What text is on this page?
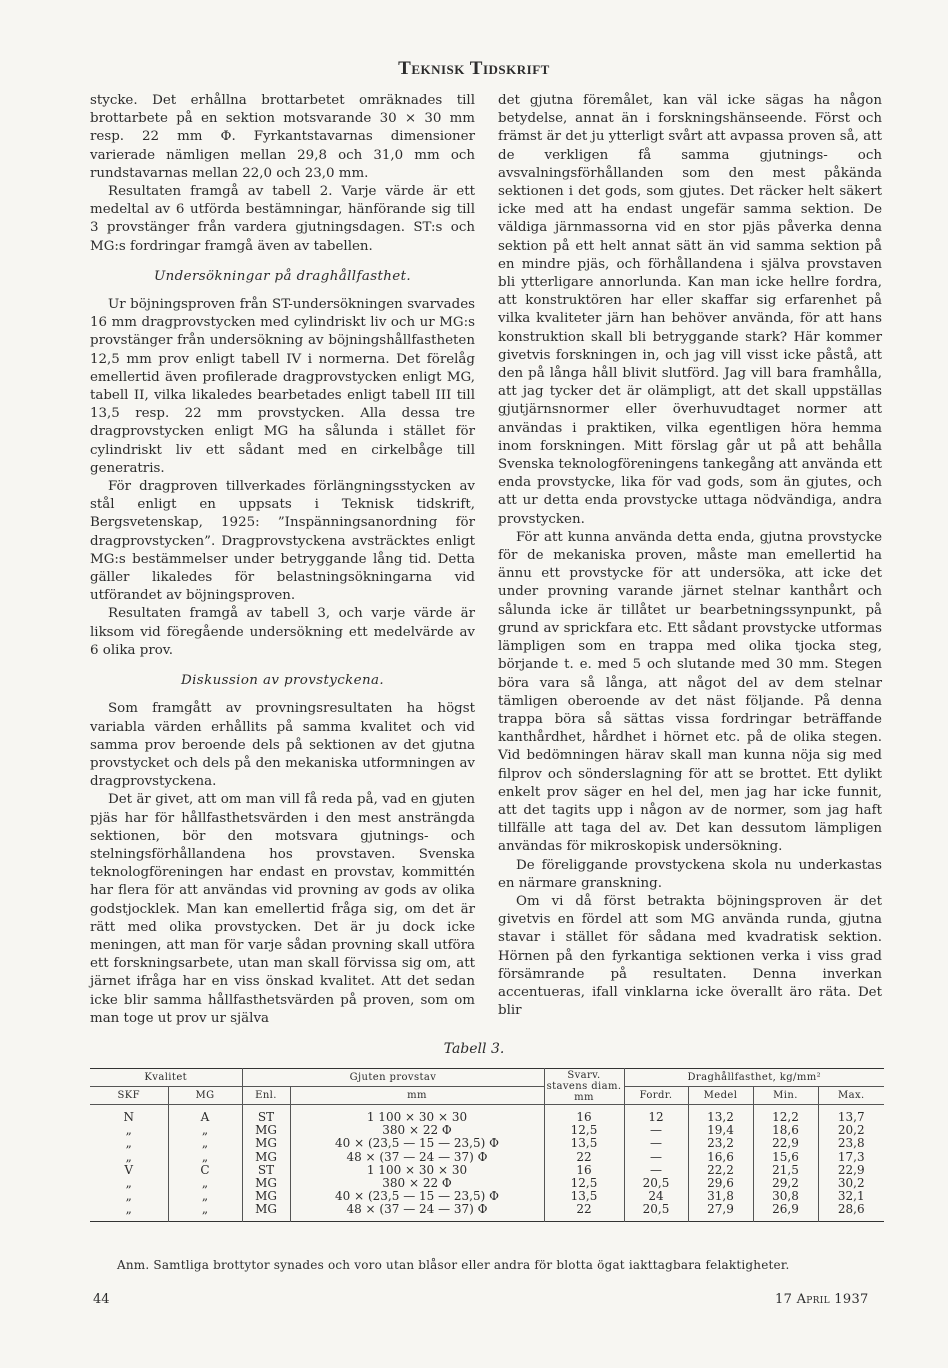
Teknisk Tidskrift

stycke. Det erhållna brottarbetet omräknades till brottarbete på en sektion motsvarande 30 × 30 mm resp. 22 mm Φ. Fyrkantstavarnas dimensioner varierade nämligen mellan 29,8 och 31,0 mm och rundstavarnas mellan 22,0 och 23,0 mm.

Resultaten framgå av tabell 2. Varje värde är ett medeltal av 6 utförda bestämningar, hänförande sig till 3 provstänger från vardera gjutningsdagen. ST:s och MG:s fordringar framgå även av tabellen.

Undersökningar på draghållfasthet.

Ur böjningsproven från ST-undersökningen svarvades 16 mm dragprovstycken med cylindriskt liv och ur MG:s provstänger från undersökning av böjningshållfastheten 12,5 mm prov enligt tabell IV i normerna. Det förelåg emellertid även profilerade dragprovstycken enligt MG, tabell II, vilka likaledes bearbetades enligt tabell III till 13,5 resp. 22 mm provstycken. Alla dessa tre dragprovstycken enligt MG ha sålunda i stället för cylindriskt liv ett sådant med en cirkelbåge till generatris.

För dragproven tillverkades förlängningsstycken av stål enligt en uppsats i Teknisk tidskrift, Bergsvetenskap, 1925: ”Inspänningsanordning för dragprovstycken”. Dragprovstyckena avsträcktes enligt MG:s bestämmelser under betryggande lång tid. Detta gäller likaledes för belastningsökningarna vid utförandet av böjningsproven.

Resultaten framgå av tabell 3, och varje värde är liksom vid föregående undersökning ett medelvärde av 6 olika prov.

Diskussion av provstyckena.

Som framgått av provningsresultaten ha högst variabla värden erhållits på samma kvalitet och vid samma prov beroende dels på sektionen av det gjutna provstycket och dels på den mekaniska utformningen av dragprovstyckena.

Det är givet, att om man vill få reda på, vad en gjuten pjäs har för hållfasthetsvärden i den mest ansträngda sektionen, bör den motsvara gjutnings- och stelningsförhållandena hos provstaven. Svenska teknologföreningen har endast en provstav, kommittén har flera för att användas vid provning av gods av olika godstjocklek. Man kan emellertid fråga sig, om det är rätt med olika provstycken. Det är ju dock icke meningen, att man för varje sådan provning skall utföra ett forskningsarbete, utan man skall förvissa sig om, att järnet ifråga har en viss önskad kvalitet. Att det sedan icke blir samma hållfasthetsvärden på proven, som om man toge ut prov ur själva

det gjutna föremålet, kan väl icke sägas ha någon betydelse, annat än i forskningshänseende. Först och främst är det ju ytterligt svårt att avpassa proven så, att de verkligen få samma gjutnings- och avsvalningsförhållanden som den mest påkända sektionen i det gods, som gjutes. Det räcker helt säkert icke med att ha endast ungefär samma sektion. De väldiga järnmassorna vid en stor pjäs påverka denna sektion på ett helt annat sätt än vid samma sektion på en mindre pjäs, och förhållandena i själva provstaven bli ytterligare annorlunda. Kan man icke hellre fordra, att konstruktören har eller skaffar sig erfarenhet på vilka kvaliteter järn han behöver använda, för att hans konstruktion skall bli betryggande stark? Här kommer givetvis forskningen in, och jag vill visst icke påstå, att den på långa håll blivit slutförd. Jag vill bara framhålla, att jag tycker det är olämpligt, att det skall uppställas gjutjärnsnormer eller överhuvudtaget normer att användas i praktiken, vilka egentligen höra hemma inom forskningen. Mitt förslag går ut på att behålla Svenska teknologföreningens tankegång att använda ett enda provstycke, lika för vad gods, som än gjutes, och att ur detta enda provstycke uttaga nödvändiga, andra provstycken.

För att kunna använda detta enda, gjutna provstycke för de mekaniska proven, måste man emellertid ha ännu ett provstycke för att undersöka, att icke det under provning varande järnet stelnar kanthårt och sålunda icke är tillåtet ur bearbetningssynpunkt, på grund av sprickfara etc. Ett sådant provstycke utformas lämpligen som en trappa med olika tjocka steg, börjande t. e. med 5 och slutande med 30 mm. Stegen böra vara så långa, att något del av dem stelnar tämligen oberoende av det näst följande. På denna trappa böra så sättas vissa fordringar beträffande kanthårdhet, hårdhet i hörnet etc. på de olika stegen. Vid bedömningen härav skall man kunna nöja sig med filprov och sönderslagning för att se brottet. Ett dylikt enkelt prov säger en hel del, men jag har icke funnit, att det tagits upp i någon av de normer, som jag haft tillfälle att taga del av. Det kan dessutom lämpligen användas för mikroskopisk undersökning.

De föreliggande provstyckena skola nu underkastas en närmare granskning.

Om vi då först betrakta böjningsproven är det givetvis en fördel att som MG använda runda, gjutna stavar i stället för sådana med kvadratisk sektion. Hörnen på den fyrkantiga sektionen verka i viss grad försämrande på resultaten. Denna inverkan accentueras, ifall vinklarna icke överallt äro räta. Det blir

Tabell 3.
Kvalitet		Gjuten provstav		Svarv. stavens diam. mm	Draghållfasthet, kg/mm²			
SKF	MG	Enl.	mm		Fordr.	Medel	Min.	Max.
N	A	ST	1 100 × 30 × 30	16	12	13,2	12,2	13,7
„	„	MG	380 × 22 Φ	12,5	—	19,4	18,6	20,2
„	„	MG	40 × (23,5 — 15 — 23,5) Φ	13,5	—	23,2	22,9	23,8
„	„	MG	48 × (37 — 24 — 37) Φ	22	—	16,6	15,6	17,3
V	C	ST	1 100 × 30 × 30	16	—	22,2	21,5	22,9
„	„	MG	380 × 22 Φ	12,5	20,5	29,6	29,2	30,2
„	„	MG	40 × (23,5 — 15 — 23,5) Φ	13,5	24	31,8	30,8	32,1
„	„	MG	48 × (37 — 24 — 37) Φ	22	20,5	27,9	26,9	28,6
Anm. Samtliga brottytor synades och voro utan blåsor eller andra för blotta ögat iakttagbara felaktigheter.
44	17 April 1937
